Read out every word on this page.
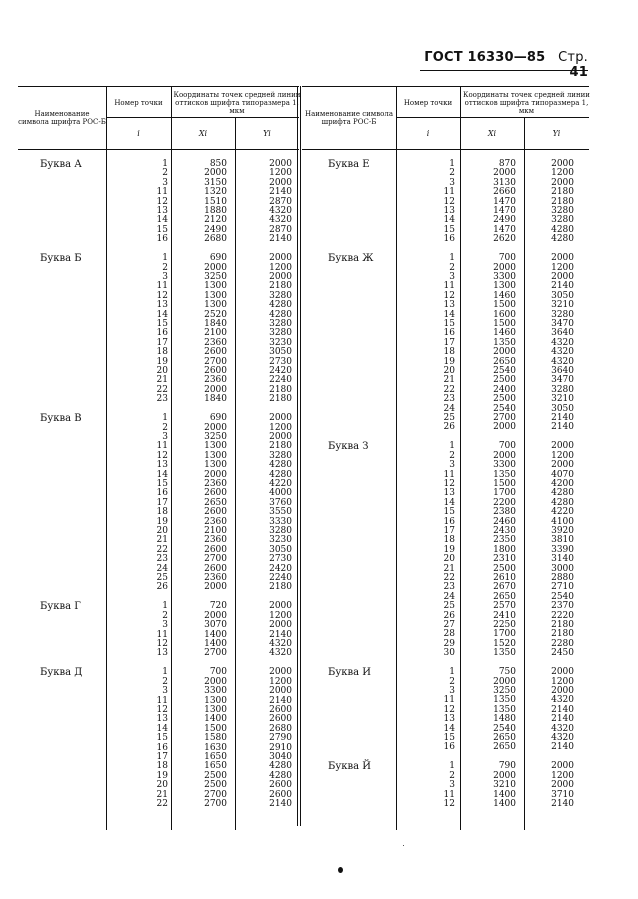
ГОСТ 16330—85 Стр. 41
Наименование символа шрифта РОС-Б
Номер точки
i
Координаты точек средней линии оттисков шрифта типоразмера 1, мкм
Xi	Yi
Буква А	1	850	2000
2	2000	1200
3	3150	2000
11	1320	2140
12	1510	2870
13	1880	4320
14	2120	4320
15	2490	2870
16	2680	2140
Буква Б	1	690	2000
2	2000	1200
3	3250	2000
11	1300	2180
12	1300	3280
13	1300	4280
14	2520	4280
15	1840	3280
16	2100	3280
17	2360	3230
18	2600	3050
19	2700	2730
20	2600	2420
21	2360	2240
22	2000	2180
23	1840	2180
Буква В	1	690	2000
2	2000	1200
3	3250	2000
11	1300	2180
12	1300	3280
13	1300	4280
14	2000	4280
15	2360	4220
16	2600	4000
17	2650	3760
18	2600	3550
19	2360	3330
20	2100	3280
21	2360	3230
22	2600	3050
23	2700	2730
24	2600	2420
25	2360	2240
26	2000	2180
Буква Г	1	720	2000
2	2000	1200
3	3070	2000
11	1400	2140
12	1400	4320
13	2700	4320
Буква Д	1	700	2000
2	2000	1200
3	3300	2000
11	1300	2140
12	1300	2600
13	1400	2600
14	1500	2680
15	1580	2790
16	1630	2910
17	1650	3040
18	1650	4280
19	2500	4280
20	2500	2600
21	2700	2600
22	2700	2140
Наименование символа шрифта РОС-Б
Номер точки
i
Координаты точек средней линии оттисков шрифта типоразмера 1, мкм
Xi	Yi
Буква Е	1	870	2000
2	2000	1200
3	3130	2000
11	2660	2180
12	1470	2180
13	1470	3280
14	2490	3280
15	1470	4280
16	2620	4280
Буква Ж	1	700	2000
2	2000	1200
3	3300	2000
11	1300	2140
12	1460	3050
13	1500	3210
14	1600	3280
15	1500	3470
16	1460	3640
17	1350	4320
18	2000	4320
19	2650	4320
20	2540	3640
21	2500	3470
22	2400	3280
23	2500	3210
24	2540	3050
25	2700	2140
26	2000	2140
Буква З	1	700	2000
2	2000	1200
3	3300	2000
11	1350	4070
12	1500	4200
13	1700	4280
14	2200	4280
15	2380	4220
16	2460	4100
17	2430	3920
18	2350	3810
19	1800	3390
20	2310	3140
21	2500	3000
22	2610	2880
23	2670	2710
24	2650	2540
25	2570	2370
26	2410	2220
27	2250	2180
28	1700	2180
29	1520	2280
30	1350	2450
Буква И	1	750	2000
2	2000	1200
3	3250	2000
11	1350	4320
12	1350	2140
13	1480	2140
14	2540	4320
15	2650	4320
16	2650	2140
Буква Й	1	790	2000
2	2000	1200
3	3210	2000
11	1400	3710
12	1400	2140
